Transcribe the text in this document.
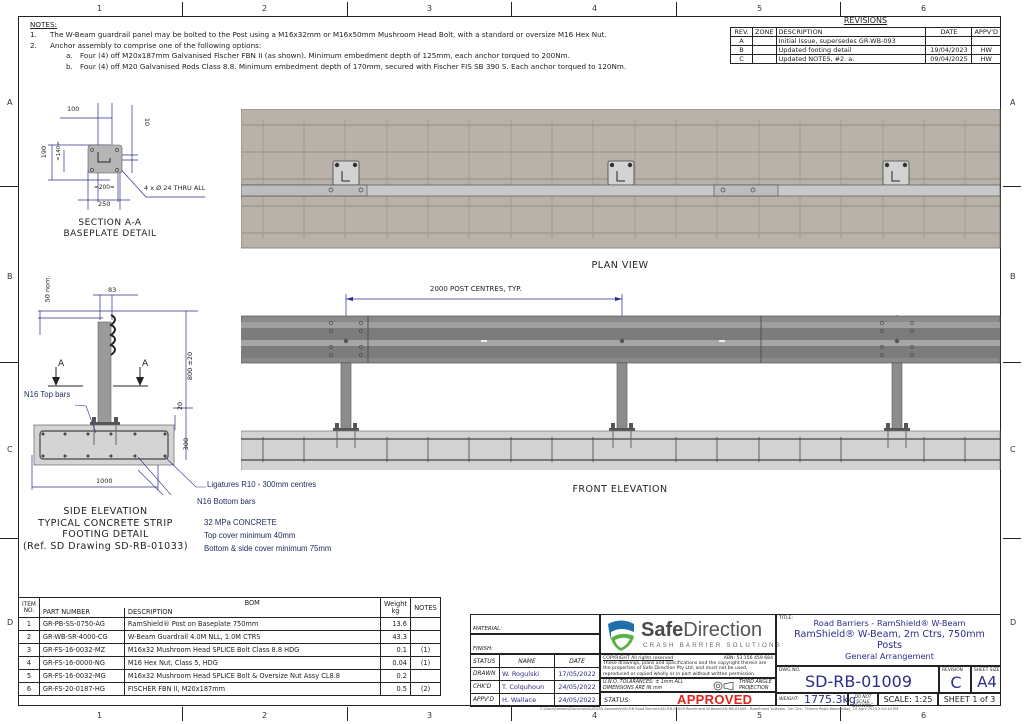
1	2	3	4	5	6
1	2	3	4	5	6
A
B
C
D
A
B
C
D
NOTES:
1.	The W-Beam guardrail panel may be bolted to the Post using a M16x32mm or M16x50mm Mushroom Head Bolt, with a standard or oversize M16 Hex Nut.
2.	Anchor assembly to comprise one of the following options:
a.	Four (4) off M20x187mm Galvanised Fischer FBN II (as shown). Minimum embedment depth of 125mm, each anchor torqued to 200Nm.
b. Four (4) off M20 Galvanised Rods Class 8.8. Minimum embedment depth of 170mm, secured with Fischer FIS SB 390 S. Each anchor torqued to 120Nm.
REVISIONS				
REV.	ZONE	DESCRIPTION	DATE	APPV'D
A		Initial Issue, supersedes GR-WB-093		
B		Updated footing detail	19/04/2023	HW
C		Updated NOTES, #2. a.	09/04/2025	HW
100
10
190 =140=
=200=
250
4 x Ø 24 THRU ALL
SECTION A-A
BASEPLATE DETAIL
PLAN VIEW
2000 POST CENTRES, TYP.
FRONT ELEVATION
50 nom.	83
800 ±20
20
300
1000
A	A
N16 Top bars
Ligatures R10 - 300mm centres
N16 Bottom bars
32 MPa CONCRETE
Top cover minimum 40mm
Bottom & side cover minimum 75mm
SIDE ELEVATION
TYPICAL CONCRETE STRIP
FOOTING DETAIL
(Ref. SD Drawing SD-RB-01033)
ITEM NO.		BOM	Weight kg	NOTES
	PART NUMBER	DESCRIPTION		
1	GR-PB-SS-0750-AG	RamShield® Post on Baseplate 750mm	13.6	
2	GR-WB-SR-4000-CG	W-Beam Guardrail 4.0M NLL, 1.0M CTRS	43.3	
3	GR-FS-16-0032-MZ	M16x32 Mushroom Head SPLICE Bolt Class 8.8 HDG	0.1	(1)
4	GR-FS-16-0000-NG	M16 Hex Nut, Class 5, HDG	0.04	(1)
5	GR-FS-16-0032-MG	M16x32 Mushroom Head SPLICE Bolt & Oversize Nut Assy CL8.8	0.2	
6	GR-FS-20-0187-HG	FISCHER FBN II, M20x187mm	0.5	(2)
MATERIAL:
FINISH:
STATUS	NAME	DATE
DRAWN	W. Rogulski	17/05/2022
CHK'D	T. Colquhoun	24/05/2022
APPV'D	H. Wallace	24/05/2022
SafeDirection
CRASH BARRIER SOLUTIONS
COPYRIGHT All rights reserved	ABN: 53 156 459 684
These drawings, plans and specifications and the copyright therein are the properties of Safe Direction Pty Ltd, and must not be used, reproduced or copied wholly or in part without written permission.
U.N.O. TOLARANCES: ± 1mm ALL DIMENSIONS ARE IN mm
THIRD ANGLE PROJECTION
STATUS:	APPROVED
TITLE:	Road Barriers - RamShield® W-Beam
RamShield® W-Beam, 2m Ctrs, 750mm
Posts
General Arrangement
DWG NO.
SD-RB-01009
REVISION
C
SHEET SIZE
A4
WEIGHT: 1775.3kg
DO NOT SCALE DRAWING
SCALE: 1:25	SHEET 1 of 3
C:\Users\wesam\Documents\SD\SD Assembly\SD-RB Road Barriers\SD-RB-01009 RamShield W-Beam\SD-RB-01009 - RamShield W-Beam, 2m Ctrs, 750mm Posts Wednesday, 19 April 2023 2:52:44 PM
